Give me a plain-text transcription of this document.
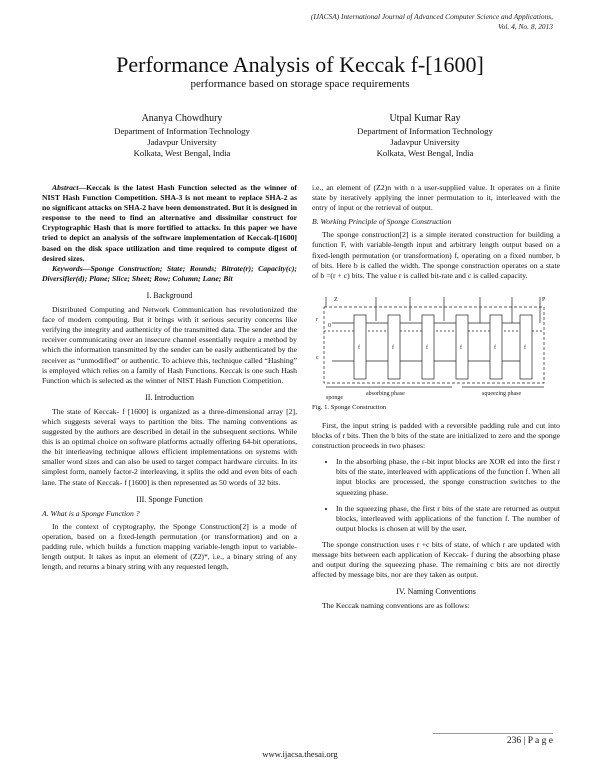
(IJACSA) International Journal of Advanced Computer Science and Applications,
Vol. 4, No. 8, 2013
Performance Analysis of Keccak f-[1600]
performance based on storage space requirements
Ananya Chowdhury
Department of Information Technology
Jadavpur University
Kolkata, West Bengal, India
Utpal Kumar Ray
Department of Information Technology
Jadavpur University
Kolkata, West Bengal, India

Abstract—Keccak is the latest Hash Function selected as the winner of NIST Hash Function Competition. SHA-3 is not meant to replace SHA-2 as no significant attacks on SHA-2 have been demonstrated. But it is designed in response to the need to find an alternative and dissimilar construct for Cryptographic Hash that is more fortified to attacks. In this paper we have tried to depict an analysis of the software implementation of Keccak-f[1600] based on the disk space utilization and time required to compute digest of desired sizes.

Keywords—Sponge Construction; State; Rounds; Bitrate(r); Capacity(c); Diversifier(d); Plane; Slice; Sheet; Row; Column; Lane; Bit

I. Background

Distributed Computing and Network Communication has revolutionized the face of modern computing. But it brings with it serious security concerns like verifying the integrity and authenticity of the transmitted data. The sender and the receiver communicating over an insecure channel essentially require a method by which the information transmitted by the sender can be easily authenticated by the receiver as “unmodified” or authentic. To achieve this, technique called “Hashing” is employed which relies on a family of Hash Functions. Keccak is one such Hash Function which is selected as the winner of NIST Hash Function Competition.

II. Introduction

The state of Keccak- f [1600] is organized as a three-dimensional array [2], which suggests several ways to partition the bits. The naming conventions as suggested by the authors are described in detail in the subsequent sections. While this is an optimal choice on software platforms actually offering 64-bit operations, the bit interleaving technique allows efficient implementations on systems with smaller word sizes and can also be used to target compact hardware circuits. In its simplest form, namely factor-2 interleaving, it splits the odd and even bits of each lane. The state of Keccak- f [1600] is then represented as 50 words of 32 bits.

III. Sponge Function
A. What is a Sponge Function ?

In the context of cryptography, the Sponge Construction[2] is a mode of operation, based on a fixed-length permutation (or transformation) and on a padding rule, which builds a function mapping variable-length input to variable-length output. It takes as input an element of (Z2)*, i.e., a binary string of any length, and returns a binary string with any requested length,

i.e., an element of (Z2)n with n a user-supplied value. It operates on a finite state by iteratively applying the inner permutation to it, interleaved with the entry of input or the retrieval of output.

B. Working Principle of Sponge Construction

The sponge construction[2] is a simple iterated construction for building a function F, with variable-length input and arbitrary length output based on a fixed-length permutation (or transformation) f, operating on a fixed number, b of bits. Here b is called the width. The sponge construction operates on a state of b =(r + c) bits. The value r is called bit-rate and c is called capacity.

Z	P
r
c
0
f	f	f	f	f	f
absorbing phase	squeezing phase
sponge
Fig. 1. Sponge Construction

First, the input string is padded with a reversible padding rule and cut into blocks of r bits. Then the b bits of the state are initialized to zero and the sponge construction proceeds in two phases:

• In the absorbing phase, the r-bit input blocks are XOR ed into the first r bits of the state, interleaved with applications of the function f. When all input blocks are processed, the sponge construction switches to the squeezing phase.
• In the squeezing phase, the first r bits of the state are returned as output blocks, interleaved with applications of the function f. The number of output blocks is chosen at will by the user.

The sponge construction uses r +c bits of state, of which r are updated with message bits between each application of Keccak- f during the absorbing phase and output during the squeezing phase. The remaining c bits are not directly affected by message bits, nor are they taken as output.

IV. Naming Conventions

The Keccak naming conventions are as follows:

236 | P a g e
www.ijacsa.thesai.org
